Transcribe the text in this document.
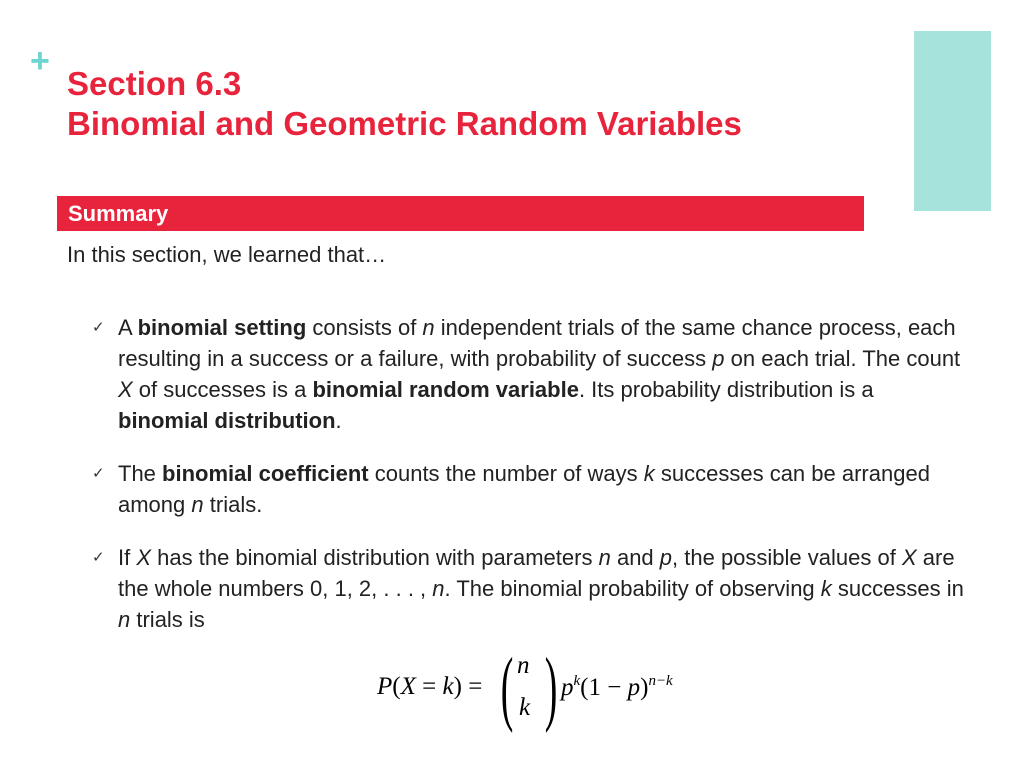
+
Section 6.3
Binomial and Geometric Random Variables
Summary
In this section, we learned that…
✓ A binomial setting consists of n independent trials of the same chance process, each resulting in a success or a failure, with probability of success p on each trial. The count X of successes is a binomial random variable. Its probability distribution is a binomial distribution.
✓ The binomial coefficient counts the number of ways k successes can be arranged among n trials.
✓ If X has the binomial distribution with parameters n and p, the possible values of X are the whole numbers 0, 1, 2, . . . , n. The binomial probability of observing k successes in n trials is
P(X = k) = ( n
k ) $p^k(1 - p)^{n-k}$
